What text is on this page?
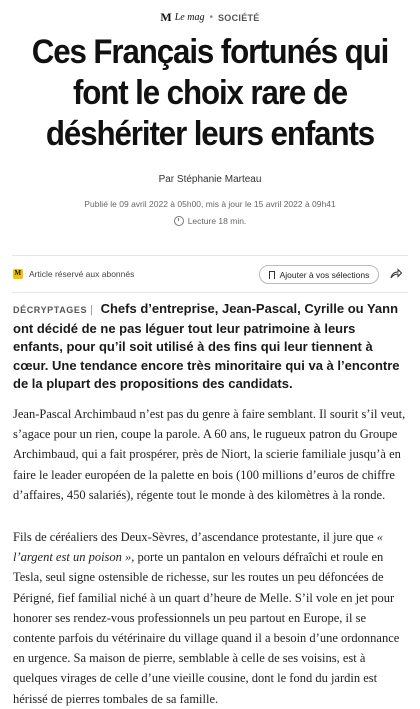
M Le mag • SOCIÉTÉ
Ces Français fortunés qui font le choix rare de déshériter leurs enfants
Par Stéphanie Marteau
Publié le 09 avril 2022 à 05h00, mis à jour le 15 avril 2022 à 09h41
Lecture 18 min.
M
Article réservé aux abonnés	Ajouter à vos sélections

DÉCRYPTAGES | Chefs d’entreprise, Jean-Pascal, Cyrille ou Yann ont décidé de ne pas léguer tout leur patrimoine à leurs enfants, pour qu’il soit utilisé à des fins qui leur tiennent à cœur. Une tendance encore très minoritaire qui va à l’encontre de la plupart des propositions des candidats.

Jean-Pascal Archimbaud n’est pas du genre à faire semblant. Il sourit s’il veut, s’agace pour un rien, coupe la parole. A 60 ans, le rugueux patron du Groupe Archimbaud, qui a fait prospérer, près de Niort, la scierie familiale jusqu’à en faire le leader européen de la palette en bois (100 millions d’euros de chiffre d’affaires, 450 salariés), régente tout le monde à des kilomètres à la ronde.

Fils de céréaliers des Deux-Sèvres, d’ascendance protestante, il jure que « l’argent est un poison », porte un pantalon en velours défraîchi et roule en Tesla, seul signe ostensible de richesse, sur les routes un peu défoncées de Périgné, fief familial niché à un quart d’heure de Melle. S’il vole en jet pour honorer ses rendez-vous professionnels un peu partout en Europe, il se contente parfois du vétérinaire du village quand il a besoin d’une ordonnance en urgence. Sa maison de pierre, semblable à celle de ses voisins, est à quelques virages de celle d’une vieille cousine, dont le fond du jardin est hérissé de pierres tombales de sa famille.
